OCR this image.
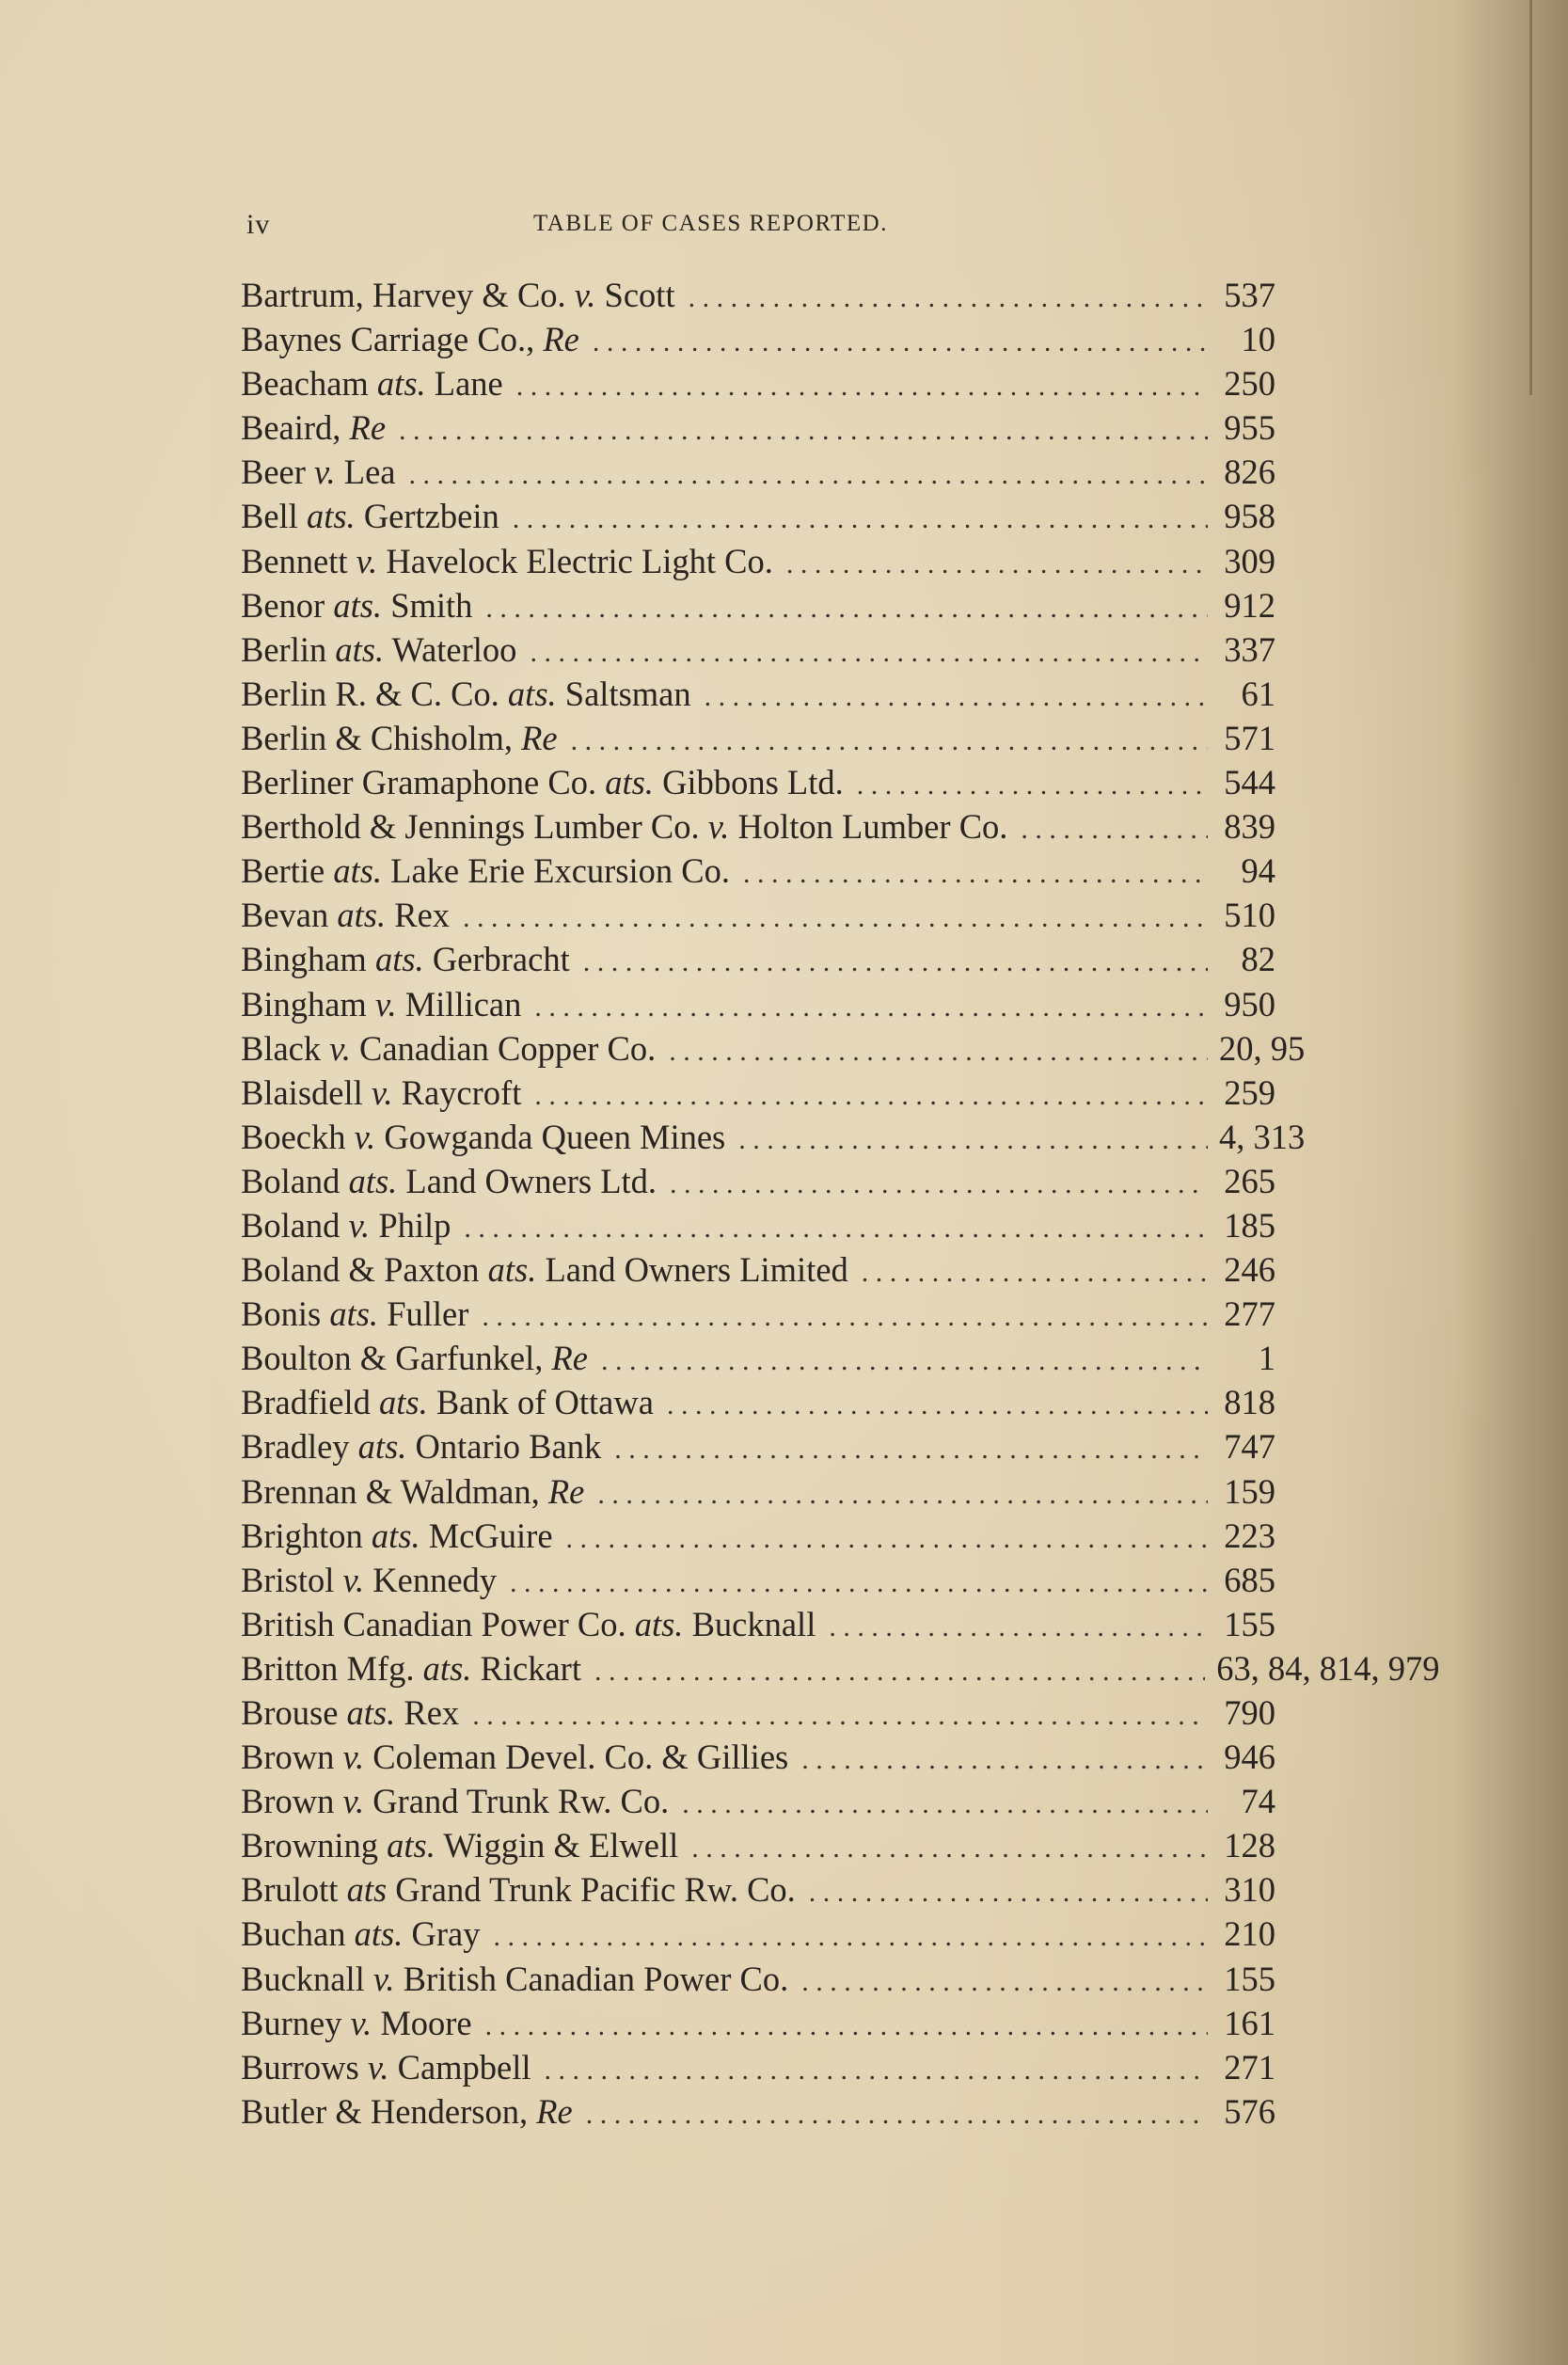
iv	TABLE OF CASES REPORTED.
Bartrum, Harvey & Co. v. Scott . . .	537
Baynes Carriage Co., Re . . .	10
Beacham ats. Lane . . .	250
Beaird, Re . . .	955
Beer v. Lea . . .	826
Bell ats. Gertzbein . . .	958
Bennett v. Havelock Electric Light Co. . . .	309
Benor ats. Smith . . .	912
Berlin ats. Waterloo . . .	337
Berlin R. & C. Co. ats. Saltsman . . .	61
Berlin & Chisholm, Re . . .	571
Berliner Gramaphone Co. ats. Gibbons Ltd. . . .	544
Berthold & Jennings Lumber Co. v. Holton Lumber Co. . . .	839
Bertie ats. Lake Erie Excursion Co. . . .	94
Bevan ats. Rex . . .	510
Bingham ats. Gerbracht . . .	82
Bingham v. Millican . . .	950
Black v. Canadian Copper Co. . . .	20, 95
Blaisdell v. Raycroft . . .	259
Boeckh v. Gowganda Queen Mines . . .	4, 313
Boland ats. Land Owners Ltd. . . .	265
Boland v. Philp . . .	185
Boland & Paxton ats. Land Owners Limited . . .	246
Bonis ats. Fuller . . .	277
Boulton & Garfunkel, Re . . .	1
Bradfield ats. Bank of Ottawa . . .	818
Bradley ats. Ontario Bank . . .	747
Brennan & Waldman, Re . . .	159
Brighton ats. McGuire . . .	223
Bristol v. Kennedy . . .	685
British Canadian Power Co. ats. Bucknall . . .	155
Britton Mfg. ats. Rickart . . .	63, 84, 814, 979
Brouse ats. Rex . . .	790
Brown v. Coleman Devel. Co. & Gillies . . .	946
Brown v. Grand Trunk Rw. Co. . . .	74
Browning ats. Wiggin & Elwell . . .	128
Brulott ats Grand Trunk Pacific Rw. Co. . . .	310
Buchan ats. Gray . . .	210
Bucknall v. British Canadian Power Co. . . .	155
Burney v. Moore . . .	161
Burrows v. Campbell . . .	271
Butler & Henderson, Re . . .	576
